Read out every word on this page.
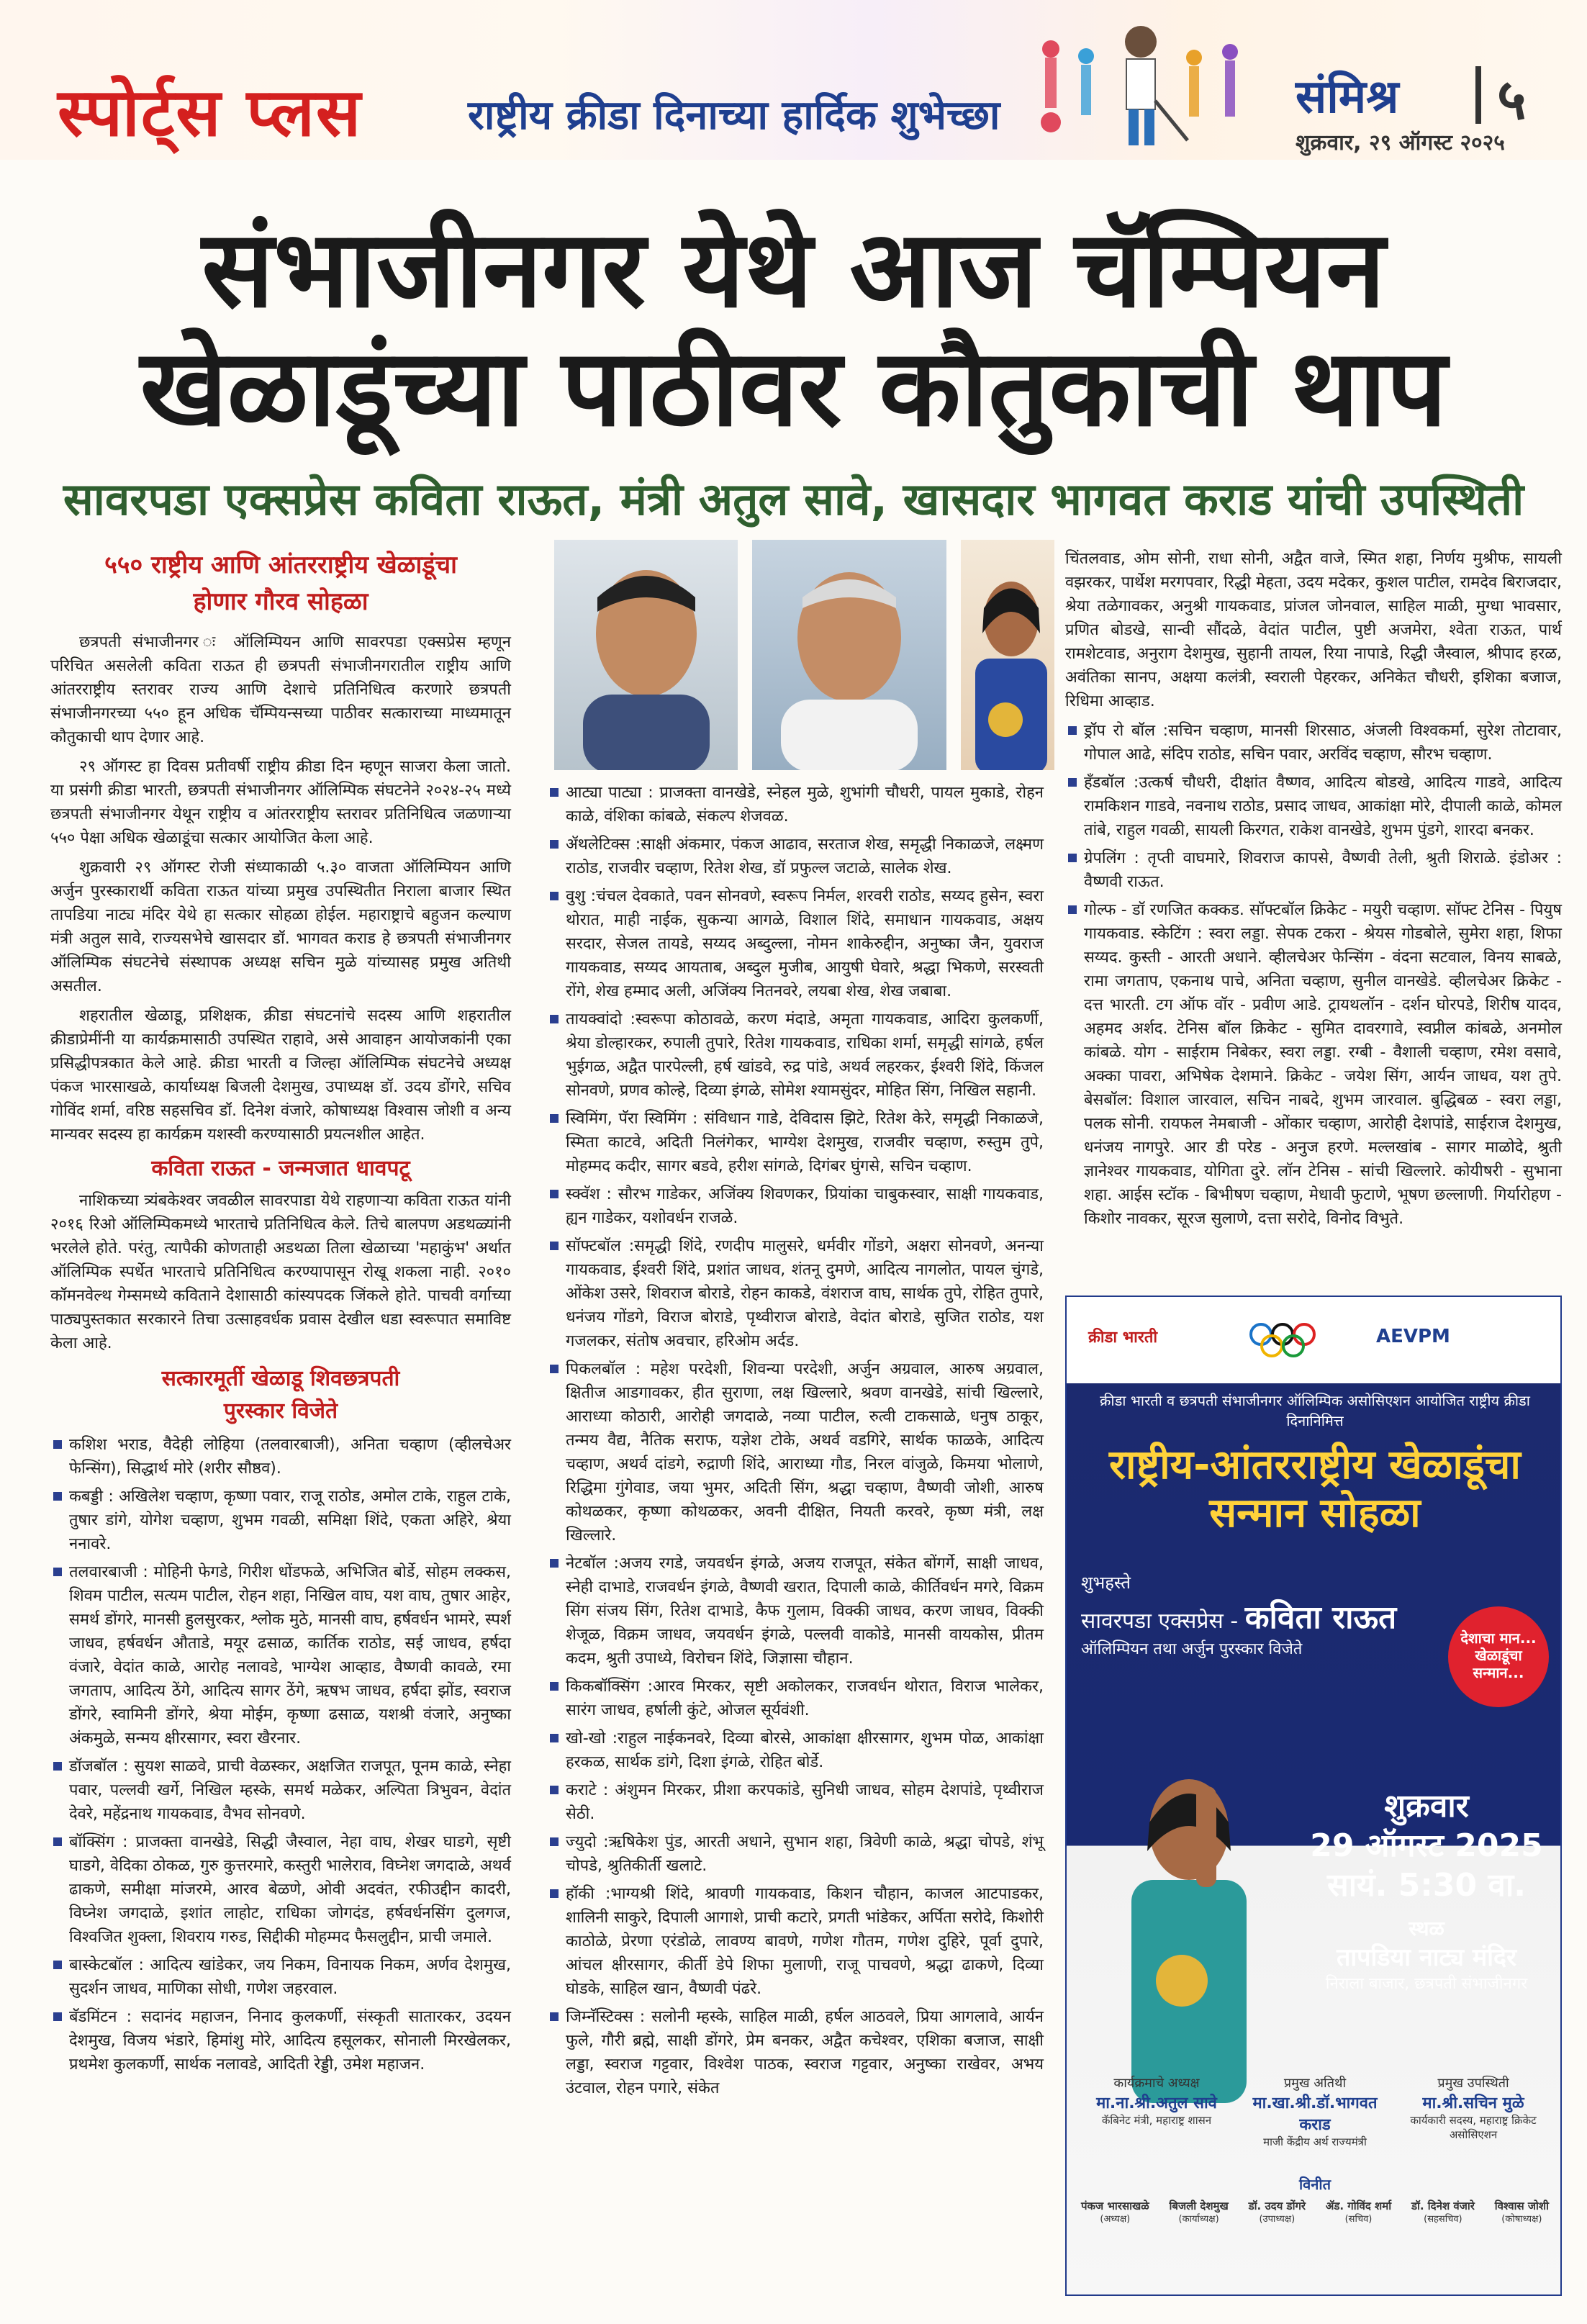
स्पोर्ट्स प्लस	राष्ट्रीय क्रीडा दिनाच्या हार्दिक शुभेच्छा	संमिश्र ५
शुक्रवार, २९ ऑगस्ट २०२५
संभाजीनगर येथे आज चॅम्पियन
खेळाडूंच्या पाठीवर कौतुकाची थाप
सावरपडा एक्सप्रेस कविता राऊत, मंत्री अतुल सावे, खासदार भागवत कराड यांची उपस्थिती
५५० राष्ट्रीय आणि आंतरराष्ट्रीय खेळाडूंचा होणार गौरव सोहळा

छत्रपती संभाजीनगर ः ऑलिम्पियन आणि सावरपडा एक्सप्रेस म्हणून परिचित असलेली कविता राऊत ही छत्रपती संभाजीनगरातील राष्ट्रीय आणि आंतरराष्ट्रीय स्तरावर राज्य आणि देशाचे प्रतिनिधित्व करणारे छत्रपती संभाजीनगरच्या ५५० हून अधिक चॅम्पियन्सच्या पाठीवर सत्काराच्या माध्यमातून कौतुकाची थाप देणार आहे.

२९ ऑगस्ट हा दिवस प्रतीवर्षी राष्ट्रीय क्रीडा दिन म्हणून साजरा केला जातो. या प्रसंगी क्रीडा भारती, छत्रपती संभाजीनगर ऑलिम्पिक संघटनेने २०२४-२५ मध्ये छत्रपती संभाजीनगर येथून राष्ट्रीय व आंतरराष्ट्रीय स्तरावर प्रतिनिधित्व जळणाऱ्या ५५० पेक्षा अधिक खेळाडूंचा सत्कार आयोजित केला आहे.

शुक्रवारी २९ ऑगस्ट रोजी संध्याकाळी ५.३० वाजता ऑलिम्पियन आणि अर्जुन पुरस्कारार्थी कविता राऊत यांच्या प्रमुख उपस्थितीत निराला बाजार स्थित तापडिया नाट्य मंदिर येथे हा सत्कार सोहळा होईल. महाराष्ट्राचे बहुजन कल्याण मंत्री अतुल सावे, राज्यसभेचे खासदार डॉ. भागवत कराड हे छत्रपती संभाजीनगर ऑलिम्पिक संघटनेचे संस्थापक अध्यक्ष सचिन मुळे यांच्यासह प्रमुख अतिथी असतील.

शहरातील खेळाडू, प्रशिक्षक, क्रीडा संघटनांचे सदस्य आणि शहरातील क्रीडाप्रेमींनी या कार्यक्रमासाठी उपस्थित राहावे, असे आवाहन आयोजकांनी एका प्रसिद्धीपत्रकात केले आहे. क्रीडा भारती व जिल्हा ऑलिम्पिक संघटनेचे अध्यक्ष पंकज भारसाखळे, कार्याध्यक्ष बिजली देशमुख, उपाध्यक्ष डॉ. उदय डोंगरे, सचिव गोविंद शर्मा, वरिष्ठ सहसचिव डॉ. दिनेश वंजारे, कोषाध्यक्ष विश्वास जोशी व अन्य मान्यवर सदस्य हा कार्यक्रम यशस्वी करण्यासाठी प्रयत्नशील आहेत.

कविता राऊत - जन्मजात धावपटू

नाशिकच्या त्र्यंबकेश्वर जवळील सावरपाडा येथे राहणाऱ्या कविता राऊत यांनी २०१६ रिओ ऑलिम्पिकमध्ये भारताचे प्रतिनिधित्व केले. तिचे बालपण अडथळ्यांनी भरलेले होते. परंतु, त्यापैकी कोणताही अडथळा तिला खेळाच्या 'महाकुंभ' अर्थात ऑलिम्पिक स्पर्धेत भारताचे प्रतिनिधित्व करण्यापासून रोखू शकला नाही. २०१० कॉमनवेल्थ गेम्समध्ये कविताने देशासाठी कांस्यपदक जिंकले होते. पाचवी वर्गाच्या पाठ्यपुस्तकात सरकारने तिचा उत्साहवर्धक प्रवास देखील धडा स्वरूपात समाविष्ट केला आहे.

सत्कारमूर्ती खेळाडू शिवछत्रपती पुरस्कार विजेते
कशिश भराड, वैदेही लोहिया (तलवारबाजी), अनिता चव्हाण (व्हीलचेअर फेन्सिंग), सिद्धार्थ मोरे (शरीर सौष्ठव).
कबड्डी : अखिलेश चव्हाण, कृष्णा पवार, राजू राठोड, अमोल टाके, राहुल टाके, तुषार डांगे, योगेश चव्हाण, शुभम गवळी, समिक्षा शिंदे, एकता अहिरे, श्रेया ननावरे.
तलवारबाजी : मोहिनी फेगडे, गिरीश धोंडफळे, अभिजित बोर्डे, सोहम लक्कस, शिवम पाटील, सत्यम पाटील, रोहन शहा, निखिल वाघ, यश वाघ, तुषार आहेर, समर्थ डोंगरे, मानसी हुलसुरकर, श्लोक मुठे, मानसी वाघ, हर्षवर्धन भामरे, स्पर्श जाधव, हर्षवर्धन औताडे, मयूर ढसाळ, कार्तिक राठोड, सई जाधव, हर्षदा वंजारे, वेदांत काळे, आरोह नलावडे, भाग्येश आव्हाड, वैष्णवी कावळे, रमा जगताप, आदित्य ठेंगे, आदित्य सागर ठेंगे, ऋषभ जाधव, हर्षदा झोंड, स्वराज डोंगरे, स्वामिनी डोंगरे, श्रेया मोईम, कृष्णा ढसाळ, यशश्री वंजारे, अनुष्का अंकमुळे, सन्मय क्षीरसागर, स्वरा खैरनार.
डॉजबॉल : सुयश साळवे, प्राची वेळस्कर, अक्षजित राजपूत, पूनम काळे, स्नेहा पवार, पल्लवी खर्गे, निखिल म्हस्के, समर्थ मळेकर, अल्पिता त्रिभुवन, वेदांत देवरे, महेंद्रनाथ गायकवाड, वैभव सोनवणे.
बॉक्सिंग : प्राजक्ता वानखेडे, सिद्धी जैस्वाल, नेहा वाघ, शेखर घाडगे, सृष्टी घाडगे, वेदिका ठोकळ, गुरु कुत्तरमारे, कस्तुरी भालेराव, विघ्नेश जगदाळे, अथर्व ढाकणे, समीक्षा मांजरमे, आरव बेळणे, ओवी अदवंत, रफीउद्दीन कादरी, विघ्नेश जगदाळे, इशांत लाहोट, राधिका जोगदंड, हर्षवर्धनसिंग दुलगज, विश्वजित शुक्ला, शिवराय गरुड, सिद्दीकी मोहम्मद फैसलुद्दीन, प्राची जमाले.
बास्केटबॉल : आदित्य खांडेकर, जय निकम, विनायक निकम, अर्णव देशमुख, सुदर्शन जाधव, माणिका सोधी, गणेश जहरवाल.
बॅडमिंटन : सदानंद महाजन, निनाद कुलकर्णी, संस्कृती सातारकर, उदयन देशमुख, विजय भंडारे, हिमांशु मोरे, आदित्य हसूलकर, सोनाली मिरखेलकर, प्रथमेश कुलकर्णी, सार्थक नलावडे, आदिती रेड्डी, उमेश महाजन.
आट्या पाट्या : प्राजक्ता वानखेडे, स्नेहल मुळे, शुभांगी चौधरी, पायल मुकाडे, रोहन काळे, वंशिका कांबळे, संकल्प शेजवळ.
ॲथलेटिक्स :साक्षी अंकमार, पंकज आढाव, सरताज शेख, समृद्धी निकाळजे, लक्ष्मण राठोड, राजवीर चव्हाण, रितेश शेख, डॉ प्रफुल्ल जटाळे, सालेक शेख.
वुशु :चंचल देवकाते, पवन सोनवणे, स्वरूप निर्मल, शरवरी राठोड, सय्यद हुसेन, स्वरा थोरात, माही नाईक, सुकन्या आगळे, विशाल शिंदे, समाधान गायकवाड, अक्षय सरदार, सेजल तायडे, सय्यद अब्दुल्ला, नोमन शाकेरुद्दीन, अनुष्का जैन, युवराज गायकवाड, सय्यद आयताब, अब्दुल मुजीब, आयुषी घेवारे, श्रद्धा भिकणे, सरस्वती रोंगे, शेख हम्माद अली, अजिंक्य नितनवरे, लयबा शेख, शेख जबाबा.
तायक्वांदो :स्वरूपा कोठावळे, करण मंदाडे, अमृता गायकवाड, आदिरा कुलकर्णी, श्रेया डोल्हारकर, रुपाली तुपारे, रितेश गायकवाड, राधिका शर्मा, समृद्धी सांगळे, हर्षल भुईगळ, अद्वैत पारपेल्ली, हर्ष खांडवे, रुद्र पांडे, अथर्व लहरकर, ईश्वरी शिंदे, किंजल सोनवणे, प्रणव कोल्हे, दिव्या इंगळे, सोमेश श्यामसुंदर, मोहित सिंग, निखिल सहानी.
स्विमिंग, पॅरा स्विमिंग : संविधान गाडे, देविदास झिटे, रितेश केरे, समृद्धी निकाळजे, स्मिता काटवे, अदिती निलंगेकर, भाग्येश देशमुख, राजवीर चव्हाण, रुस्तुम तुपे, मोहम्मद कदीर, सागर बडवे, हरीश सांगळे, दिगंबर घुंगसे, सचिन चव्हाण.
स्क्वॅश : सौरभ गाडेकर, अजिंक्य शिवणकर, प्रियांका चाबुकस्वार, साक्षी गायकवाड, ह्यन गाडेकर, यशोवर्धन राजळे.
सॉफ्टबॉल :समृद्धी शिंदे, रणदीप मालुसरे, धर्मवीर गोंडगे, अक्षरा सोनवणे, अनन्या गायकवाड, ईश्वरी शिंदे, प्रशांत जाधव, शंतनू दुमणे, आदित्य नागलोत, पायल चुंगडे, ओंकेश उसरे, शिवराज बोराडे, रोहन काकडे, वंशराज वाघ, सार्थक तुपे, रोहित तुपारे, धनंजय गोंडगे, विराज बोराडे, पृथ्वीराज बोराडे, वेदांत बोराडे, सुजित राठोड, यश गजलकर, संतोष अवचार, हरिओम अर्दड.
पिकलबॉल : महेश परदेशी, शिवन्या परदेशी, अर्जुन अग्रवाल, आरुष अग्रवाल, क्षितीज आडगावकर, हीत सुराणा, लक्ष खिल्लारे, श्रवण वानखेडे, सांची खिल्लारे, आराध्या कोठारी, आरोही जगदाळे, नव्या पाटील, रुत्वी टाकसाळे, धनुष ठाकूर, तन्मय वैद्य, नैतिक सराफ, यज्ञेश टोके, अथर्व वडगिरे, सार्थक फाळके, आदित्य चव्हाण, अथर्व दांडगे, रुद्राणी शिंदे, आराध्या गौड, निरल वांजुळे, किमया भोलाणे, रिद्धिमा गुंगेवाड, जया भुमर, अदिती सिंग, श्रद्धा चव्हाण, वैष्णवी जोशी, आरुष कोथळकर, कृष्णा कोथळकर, अवनी दीक्षित, नियती करवरे, कृष्ण मंत्री, लक्ष खिल्लारे.
नेटबॉल :अजय रगडे, जयवर्धन इंगळे, अजय राजपूत, संकेत बोंगर्गे, साक्षी जाधव, स्नेही दाभाडे, राजवर्धन इंगळे, वैष्णवी खरात, दिपाली काळे, कीर्तिवर्धन मगरे, विक्रम सिंग संजय सिंग, रितेश दाभाडे, कैफ गुलाम, विक्की जाधव, करण जाधव, विक्की शेजूळ, विक्रम जाधव, जयवर्धन इंगळे, पल्लवी वाकोडे, मानसी वायकोस, प्रीतम कदम, श्रुती उपाध्ये, विरोचन शिंदे, जिज्ञासा चौहान.
किकबॉक्सिंग :आरव मिरकर, सृष्टी अकोलकर, राजवर्धन थोरात, विराज भालेकर, सारंग जाधव, हर्षाली कुंटे, ओजल सूर्यवंशी.
खो-खो :राहुल नाईकनवरे, दिव्या बोरसे, आकांक्षा क्षीरसागर, शुभम पोळ, आकांक्षा हरकळ, सार्थक डांगे, दिशा इंगळे, रोहित बोर्डे.
कराटे : अंशुमन मिरकर, प्रीशा करपकांडे, सुनिधी जाधव, सोहम देशपांडे, पृथ्वीराज सेठी.
ज्युदो :ऋषिकेश पुंड, आरती अधाने, सुभान शहा, त्रिवेणी काळे, श्रद्धा चोपडे, शंभू चोपडे, श्रुतिकीर्ती खलाटे.
हॉकी :भाग्यश्री शिंदे, श्रावणी गायकवाड, किशन चौहान, काजल आटपाडकर, शालिनी साकुरे, दिपाली आगाशे, प्राची कटारे, प्रगती भांडेकर, अर्पिता सरोदे, किशोरी काठोळे, प्रेरणा एरंडोळे, लावण्य बावणे, गणेश गौतम, गणेश दुहिरे, पूर्वा दुपारे, आंचल क्षीरसागर, कीर्ती डेपे शिफा मुलाणी, राजू पाचवणे, श्रद्धा ढाकणे, दिव्या घोडके, साहिल खान, वैष्णवी पंढरे.
जिम्नॅस्टिक्स : सलोनी म्हस्के, साहिल माळी, हर्षल आठवले, प्रिया आगलावे, आर्यन फुले, गौरी ब्रह्मे, साक्षी डोंगरे, प्रेम बनकर, अद्वैत कचेश्वर, एशिका बजाज, साक्षी लड्डा, स्वराज गट्टवार, विश्वेश पाठक, स्वराज गट्टवार, अनुष्का राखेवर, अभय उंटवाल, रोहन पगारे, संकेत
चिंतलवाड, ओम सोनी, राधा सोनी, अद्वैत वाजे, स्मित शहा, निर्णय मुश्रीफ, सायली वझरकर, पार्थेश मरगपवार, रिद्धी मेहता, उदय मदेकर, कुशल पाटील, रामदेव बिराजदार, श्रेया तळेगावकर, अनुश्री गायकवाड, प्रांजल जोनवाल, साहिल माळी, मुग्धा भावसार, प्रणित बोडखे, सान्वी सौंदळे, वेदांत पाटील, पुष्टी अजमेरा, श्वेता राऊत, पार्थ रामशेटवाड, अनुराग देशमुख, सुहानी तायल, रिया नापाडे, रिद्धी जैस्वाल, श्रीपाद हरळ, अवंतिका सानप, अक्षया कलंत्री, स्वराली पेहरकर, अनिकेत चौधरी, इशिका बजाज, रिधिमा आव्हाड.
ड्रॉप रो बॉल :सचिन चव्हाण, मानसी शिरसाठ, अंजली विश्वकर्मा, सुरेश तोटावार, गोपाल आढे, संदिप राठोड, सचिन पवार, अरविंद चव्हाण, सौरभ चव्हाण.
हँडबॉल :उत्कर्ष चौधरी, दीक्षांत वैष्णव, आदित्य बोडखे, आदित्य गाडवे, आदित्य रामकिशन गाडवे, नवनाथ राठोड, प्रसाद जाधव, आकांक्षा मोरे, दीपाली काळे, कोमल तांबे, राहुल गवळी, सायली किरगत, राकेश वानखेडे, शुभम पुंडगे, शारदा बनकर.
ग्रेपलिंग : तृप्ती वाघमारे, शिवराज कापसे, वैष्णवी तेली, श्रुती शिराळे. इंडोअर : वैष्णवी राऊत.
गोल्फ - डॉ रणजित कक्कड. सॉफ्टबॉल क्रिकेट - मयुरी चव्हाण. सॉफ्ट टेनिस - पियुष गायकवाड. स्केटिंग : स्वरा लड्डा. सेपक टकरा - श्रेयस गोडबोले, सुमेरा शहा, शिफा सय्यद. कुस्ती - आरती अधाने. व्हीलचेअर फेन्सिंग - वंदना सटवाल, विनय साबळे, रामा जगताप, एकनाथ पाचे, अनिता चव्हाण, सुनील वानखेडे. व्हीलचेअर क्रिकेट - दत्त भारती. टग ऑफ वॉर - प्रवीण आडे. ट्रायथलॉन - दर्शन घोरपडे, शिरीष यादव, अहमद अर्शद. टेनिस बॉल क्रिकेट - सुमित दावरगावे, स्वप्नील कांबळे, अनमोल कांबळे. योग - साईराम निबेकर, स्वरा लड्डा. रग्बी - वैशाली चव्हाण, रमेश वसावे, अक्का पावरा, अभिषेक देशमाने. क्रिकेट - जयेश सिंग, आर्यन जाधव, यश तुपे. बेसबॉल: विशाल जारवाल, सचिन नाबदे, शुभम जारवाल. बुद्धिबळ - स्वरा लड्डा, पलक सोनी. रायफल नेमबाजी - ओंकार चव्हाण, आरोही देशपांडे, साईराज देशमुख, धनंजय नागपुरे. आर डी परेड - अनुज हरणे. मल्लखांब - सागर माळोदे, श्रुती ज्ञानेश्वर गायकवाड, योगिता दुरे. लॉन टेनिस - सांची खिल्लारे. कोयीषरी - सुभाना शहा. आईस स्टॉक - बिभीषण चव्हाण, मेधावी फुटाणे, भूषण छल्लाणी. गिर्यारोहण - किशोर नावकर, सूरज सुलाणे, दत्ता सरोदे, विनोद विभुते.
क्रीडा भारती	AEVPM
क्रीडा भारती व छत्रपती संभाजीनगर ऑलिम्पिक असोसिएशन आयोजित राष्ट्रीय क्रीडा दिनानिमित्त
राष्ट्रीय-आंतरराष्ट्रीय खेळाडूंचा सन्मान सोहळा
शुभहस्ते
सावरपडा एक्सप्रेस - कविता राऊत
ऑलिम्पियन तथा अर्जुन पुरस्कार विजेते
देशाचा मान... खेळाडूंचा सन्मान...
शुक्रवार
29 ऑगस्ट 2025
सायं. 5:30 वा.
स्थळ
तापडिया नाट्य मंदिर
निराला बाजार, छत्रपती संभाजीनगर
कार्यक्रमाचे अध्यक्ष
मा.ना.श्री.अतुल सावे
कॅबिनेट मंत्री, महाराष्ट्र शासन
प्रमुख अतिथी
मा.खा.श्री.डॉ.भागवत कराड
माजी केंद्रीय अर्थ राज्यमंत्री
प्रमुख उपस्थिती
मा.श्री.सचिन मुळे
कार्यकारी सदस्य, महाराष्ट्र क्रिकेट असोसिएशन
विनीत
पंकज भारसाखळे
(अध्यक्ष)
बिजली देशमुख
(कार्याध्यक्ष)
डॉ. उदय डोंगरे
(उपाध्यक्ष)
ॲड. गोविंद शर्मा
(सचिव)
डॉ. दिनेश वंजारे
(सहसचिव)
विश्वास जोशी
(कोषाध्यक्ष)
